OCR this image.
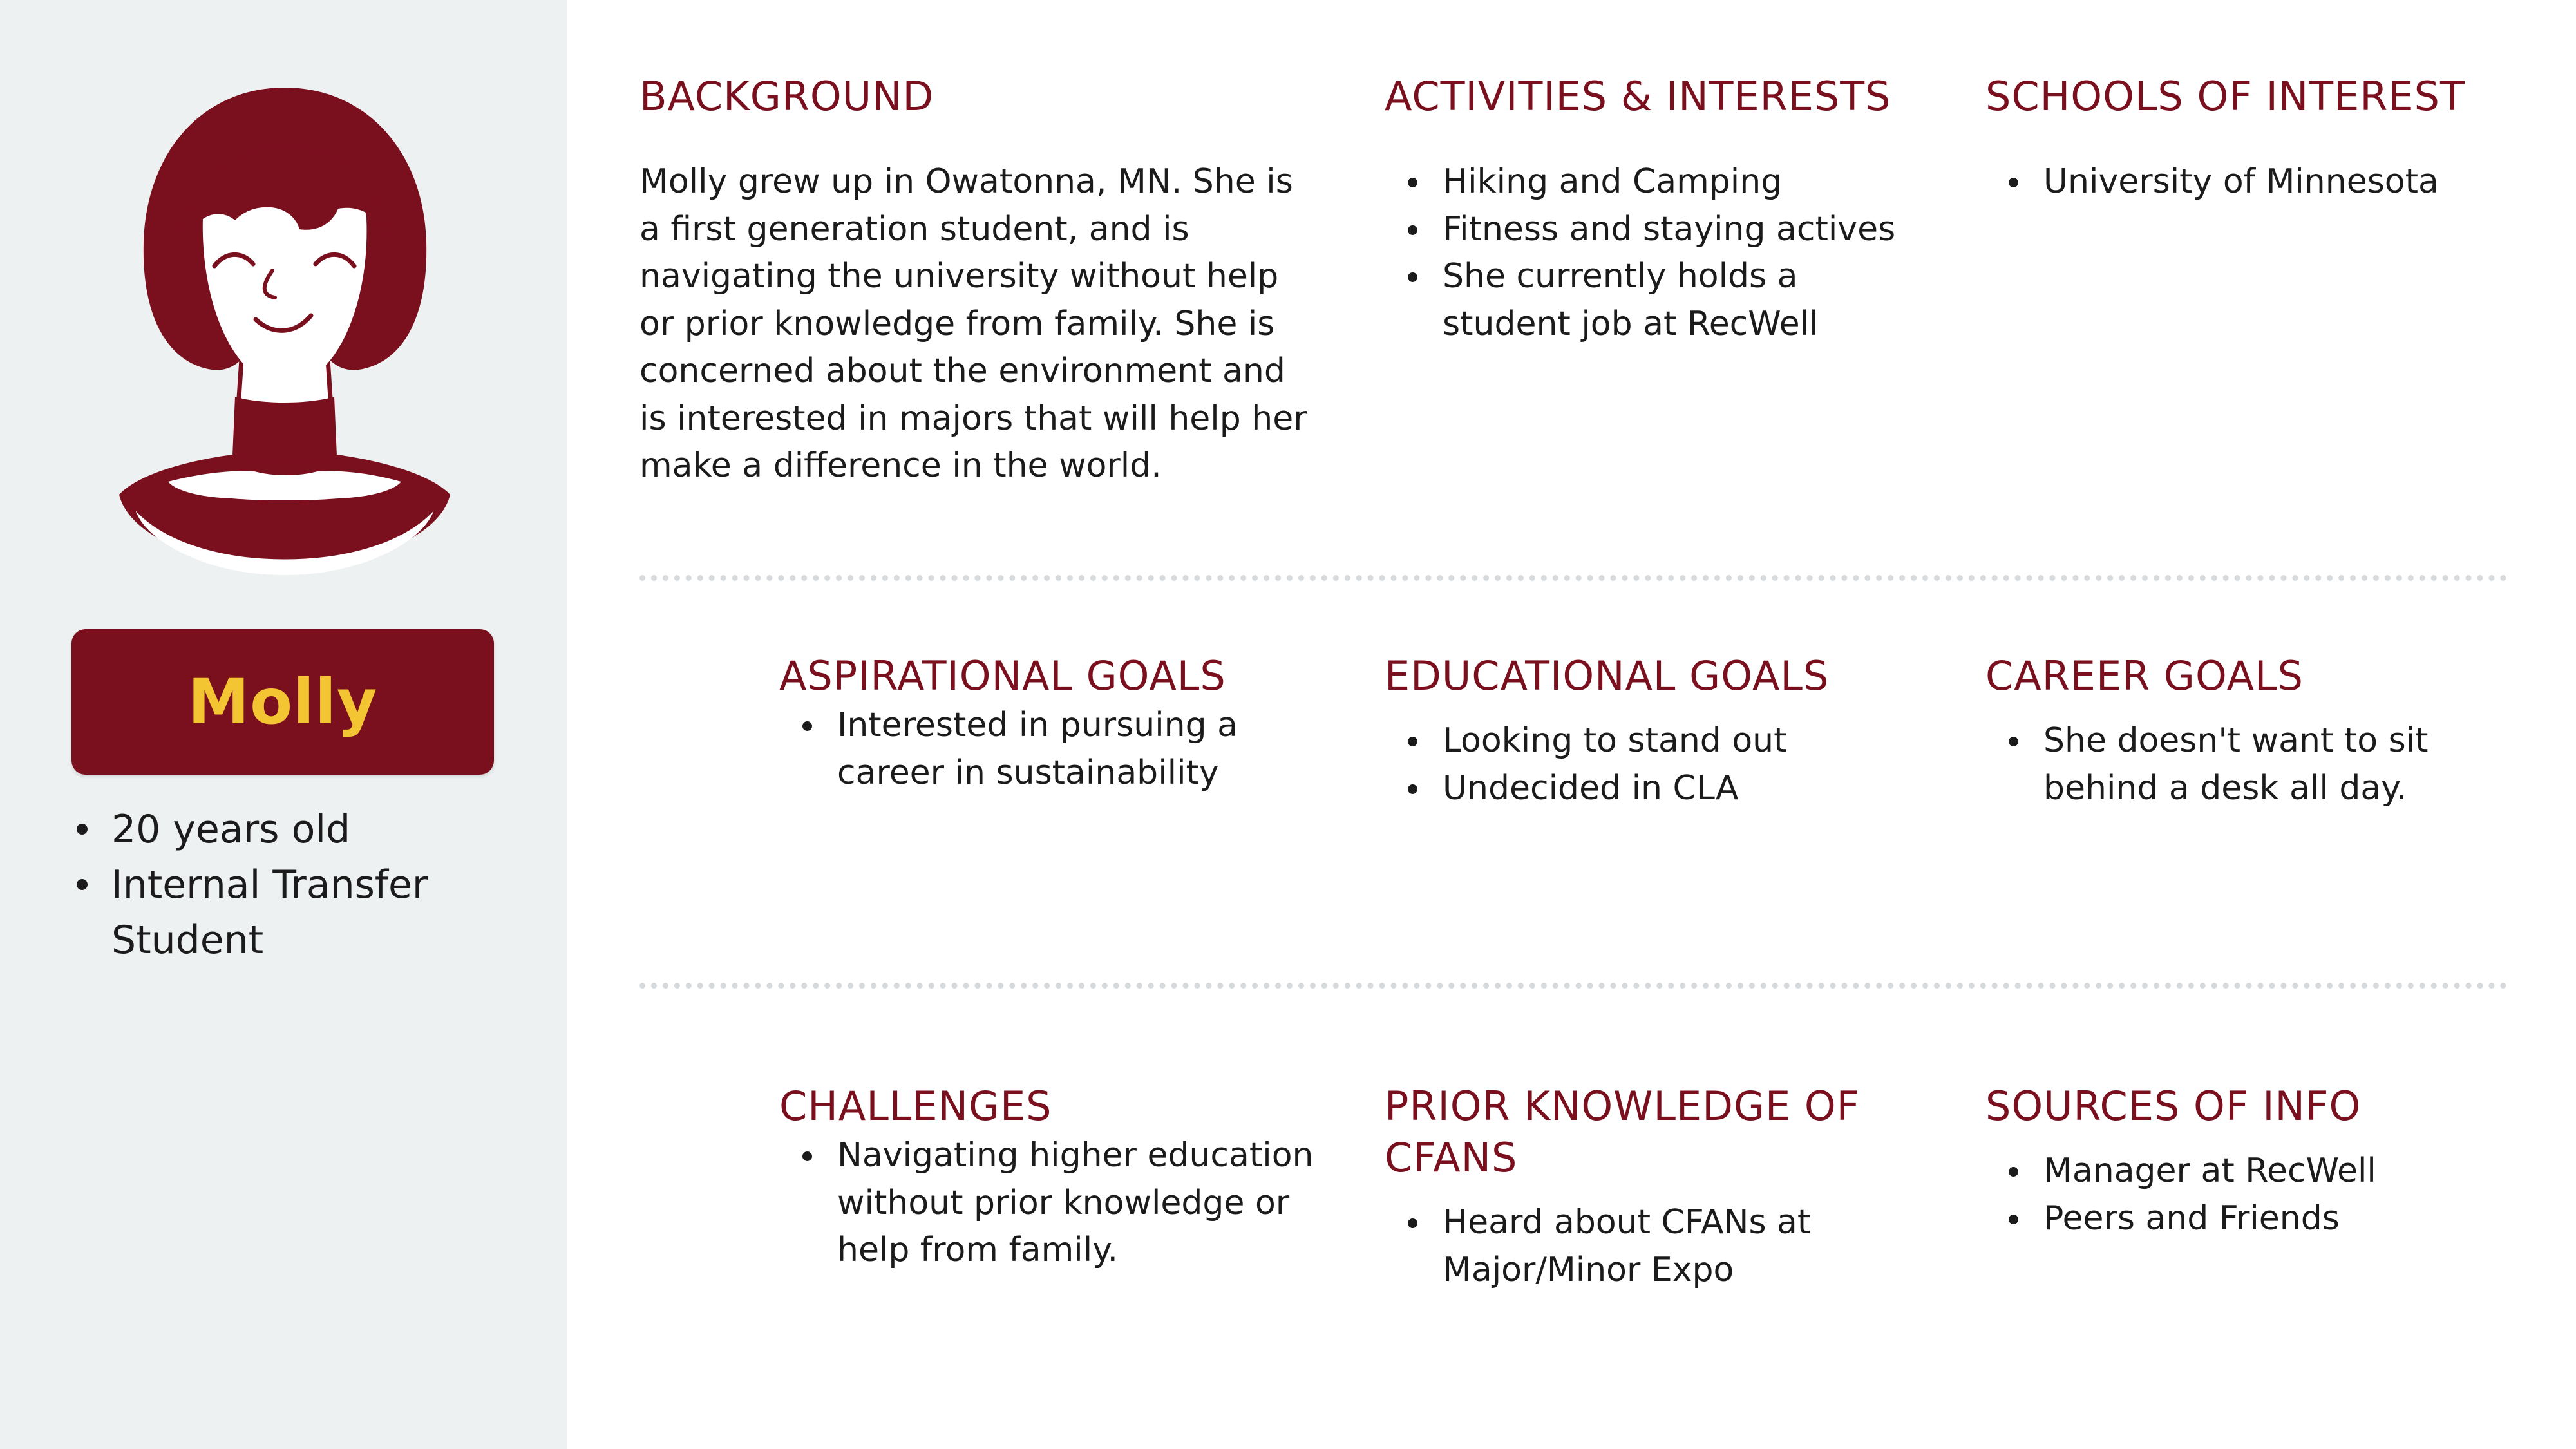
Molly
20 years old
Internal Transfer Student
BACKGROUND

Molly grew up in Owatonna, MN. She is a first generation student, and is navigating the university without help or prior knowledge from family. She is concerned about the environment and is interested in majors that will help her make a difference in the world.

ACTIVITIES & INTERESTS
Hiking and Camping
Fitness and staying actives
She currently holds a student job at RecWell
SCHOOLS OF INTEREST
University of Minnesota
ASPIRATIONAL GOALS
Interested in pursuing a career in sustainability
EDUCATIONAL GOALS
Looking to stand out
Undecided in CLA
CAREER GOALS
She doesn't want to sit behind a desk all day.
CHALLENGES
Navigating higher education without prior knowledge or help from family.
PRIOR KNOWLEDGE OF CFANS
Heard about CFANs at Major/Minor Expo
SOURCES OF INFO
Manager at RecWell
Peers and Friends
